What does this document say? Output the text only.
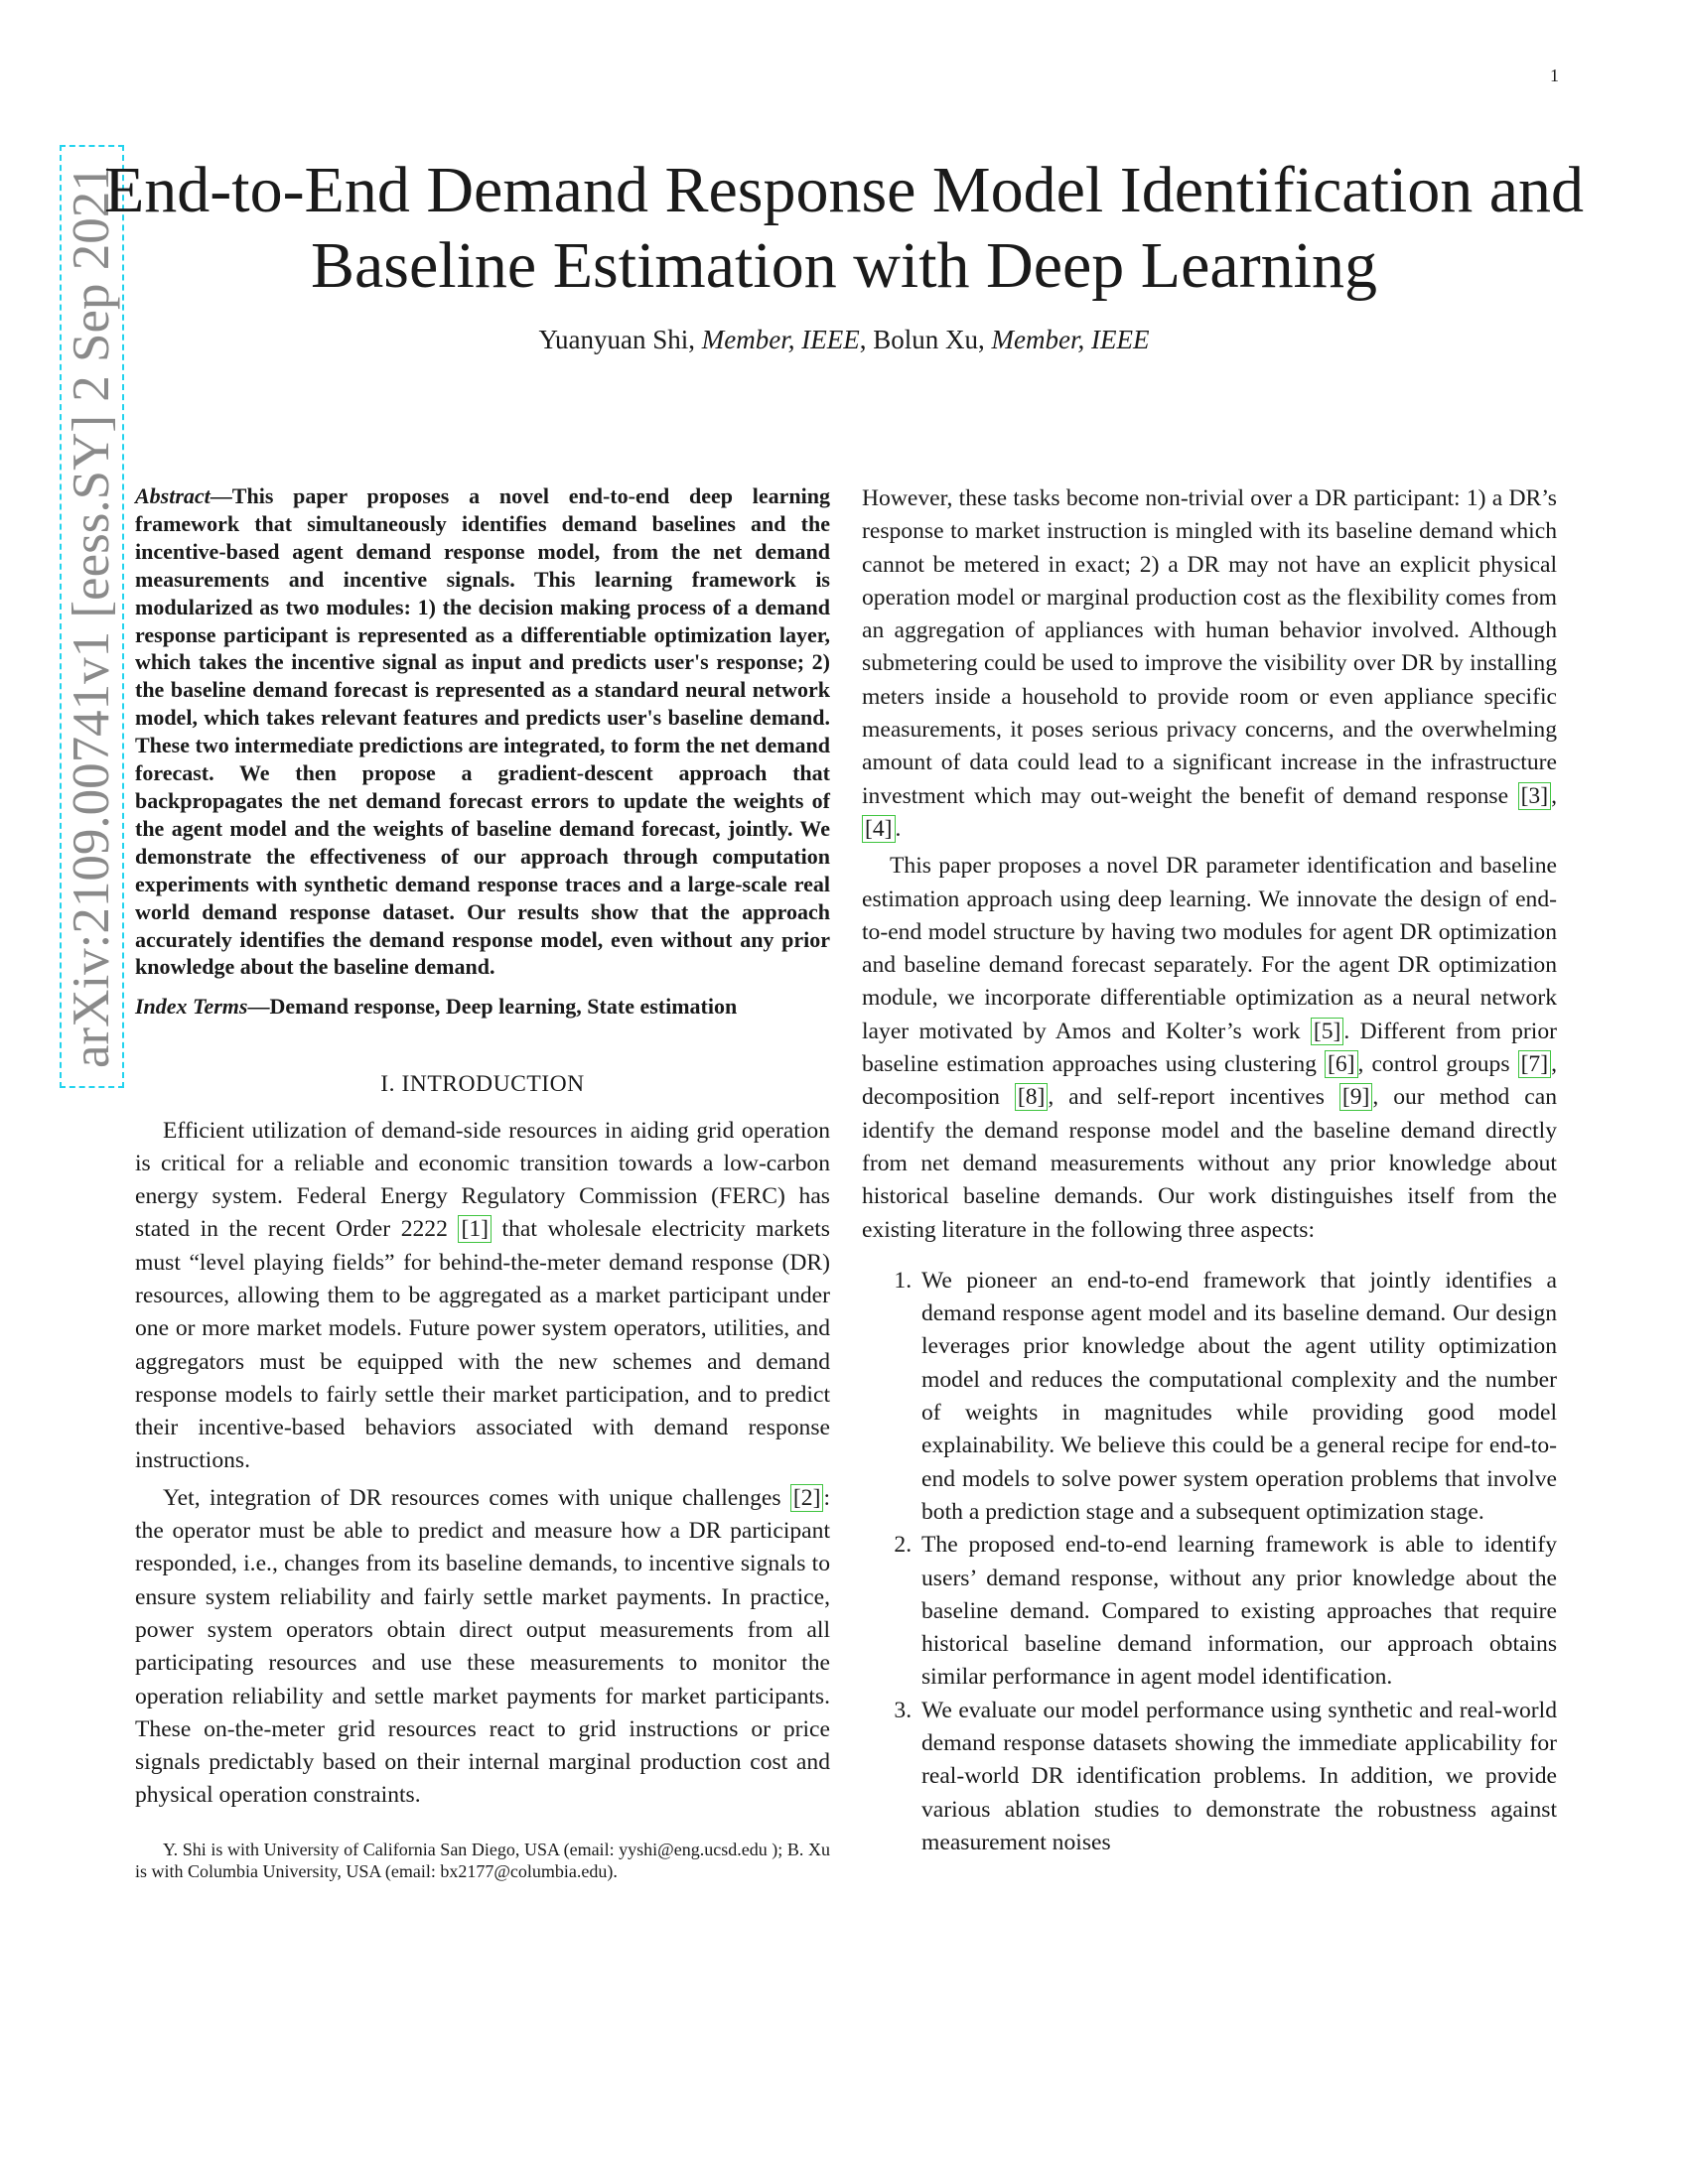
1
arXiv:2109.00741v1 [eess.SY] 2 Sep 2021
End-to-End Demand Response Model Identification and Baseline Estimation with Deep Learning
Yuanyuan Shi, Member, IEEE, Bolun Xu, Member, IEEE

Abstract—This paper proposes a novel end-to-end deep learning framework that simultaneously identifies demand baselines and the incentive-based agent demand response model, from the net demand measurements and incentive signals. This learning framework is modularized as two modules: 1) the decision making process of a demand response participant is represented as a differentiable optimization layer, which takes the incentive signal as input and predicts user's response; 2) the baseline demand forecast is represented as a standard neural network model, which takes relevant features and predicts user's baseline demand. These two intermediate predictions are integrated, to form the net demand forecast. We then propose a gradient-descent approach that backpropagates the net demand forecast errors to update the weights of the agent model and the weights of baseline demand forecast, jointly. We demonstrate the effectiveness of our approach through computation experiments with synthetic demand response traces and a large-scale real world demand response dataset. Our results show that the approach accurately identifies the demand response model, even without any prior knowledge about the baseline demand.

Index Terms—Demand response, Deep learning, State estimation

I. INTRODUCTION

Efficient utilization of demand-side resources in aiding grid operation is critical for a reliable and economic transition towards a low-carbon energy system. Federal Energy Regulatory Commission (FERC) has stated in the recent Order 2222 [1] that wholesale electricity markets must “level playing fields” for behind-the-meter demand response (DR) resources, allowing them to be aggregated as a market participant under one or more market models. Future power system operators, utilities, and aggregators must be equipped with the new schemes and demand response models to fairly settle their market participation, and to predict their incentive-based behaviors associated with demand response instructions.

Yet, integration of DR resources comes with unique challenges [2] : the operator must be able to predict and measure how a DR participant responded, i.e., changes from its baseline demands, to incentive signals to ensure system reliability and fairly settle market payments. In practice, power system operators obtain direct output measurements from all participating resources and use these measurements to monitor the operation reliability and settle market payments for market participants. These on-the-meter grid resources react to grid instructions or price signals predictably based on their internal marginal production cost and physical operation constraints.

Y. Shi is with University of California San Diego, USA (email: yyshi@eng.ucsd.edu ); B. Xu is with Columbia University, USA (email: bx2177@columbia.edu).

However, these tasks become non-trivial over a DR participant: 1) a DR’s response to market instruction is mingled with its baseline demand which cannot be metered in exact; 2) a DR may not have an explicit physical operation model or marginal production cost as the flexibility comes from an aggregation of appliances with human behavior involved. Although submetering could be used to improve the visibility over DR by installing meters inside a household to provide room or even appliance specific measurements, it poses serious privacy concerns, and the overwhelming amount of data could lead to a significant increase in the infrastructure investment which may out-weight the benefit of demand response [3] , [4] .

This paper proposes a novel DR parameter identification and baseline estimation approach using deep learning. We innovate the design of end-to-end model structure by having two modules for agent DR optimization and baseline demand forecast separately. For the agent DR optimization module, we incorporate differentiable optimization as a neural network layer motivated by Amos and Kolter’s work [5] . Different from prior baseline estimation approaches using clustering [6] , control groups [7] , decomposition [8] , and self-report incentives [9] , our method can identify the demand response model and the baseline demand directly from net demand measurements without any prior knowledge about historical baseline demands. Our work distinguishes itself from the existing literature in the following three aspects:

1. We pioneer an end-to-end framework that jointly identifies a demand response agent model and its baseline demand. Our design leverages prior knowledge about the agent utility optimization model and reduces the computational complexity and the number of weights in magnitudes while providing good model explainability. We believe this could be a general recipe for end-to-end models to solve power system operation problems that involve both a prediction stage and a subsequent optimization stage.
2. The proposed end-to-end learning framework is able to identify users’ demand response, without any prior knowledge about the baseline demand. Compared to existing approaches that require historical baseline demand information, our approach obtains similar performance in agent model identification.
3. We evaluate our model performance using synthetic and real-world demand response datasets showing the immediate applicability for real-world DR identification problems. In addition, we provide various ablation studies to demonstrate the robustness against measurement noises
